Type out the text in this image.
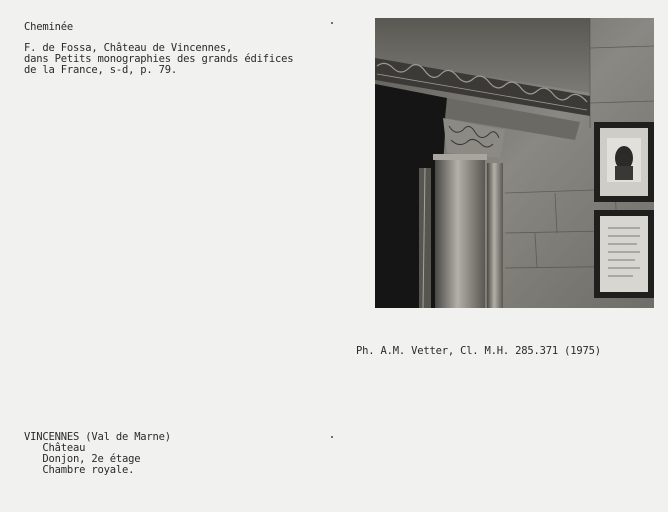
Cheminée
F. de Fossa, Château de Vincennes,
dans Petits monographies des grands édifices
de la France, s-d, p. 79.
Ph. A.M. Vetter, Cl. M.H. 285.371 (1975)
VINCENNES (Val de Marne)
Château
Donjon, 2e étage
Chambre royale.
